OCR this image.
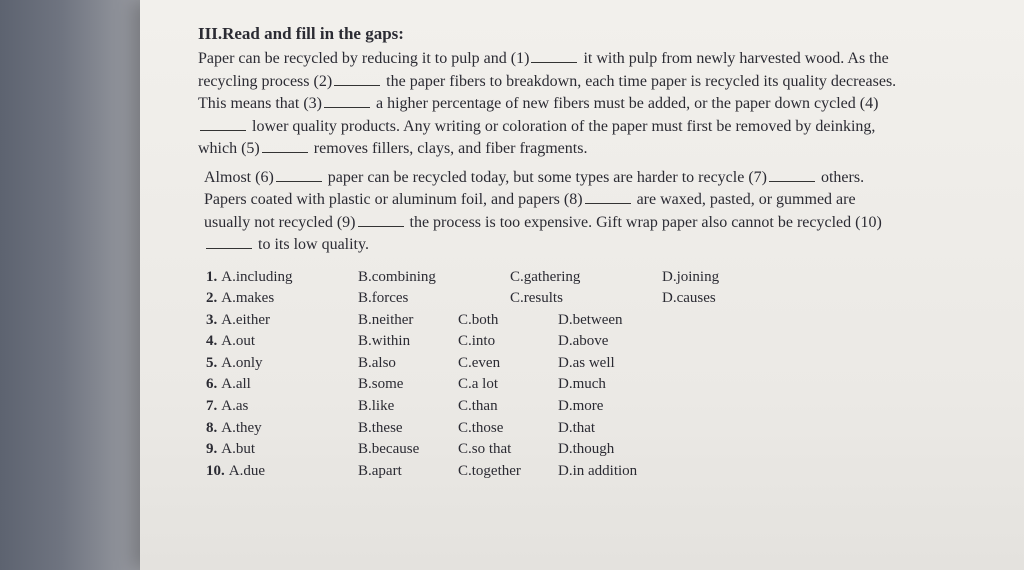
III.Read and fill in the gaps:

Paper can be recycled by reducing it to pulp and (1)	it with pulp from newly harvested wood. As the recycling process (2)	the paper fibers to breakdown, each time paper is recycled its quality decreases. This means that (3)	a higher percentage of new fibers must be added, or the paper down cycled (4) lower quality products. Any writing or coloration of the paper must first be removed by deinking, which (5)	removes fillers, clays, and fiber fragments.

Almost (6)	paper can be recycled today, but some types are harder to recycle (7)	others. Papers coated with plastic or aluminum foil, and papers (8)	are waxed, pasted, or gummed are usually not recycled (9)	the process is too expensive. Gift wrap paper also cannot be recycled (10) to its low quality.

1. A.including	B.combining	C.gathering	D.joining
2. A.makes	B.forces	C.results	D.causes
3. A.either	B.neither	C.both	D.between
4. A.out	B.within	C.into	D.above
5. A.only	B.also	C.even	D.as well
6. A.all	B.some	C.a lot	D.much
7. A.as	B.like	C.than	D.more
8. A.they	B.these	C.those	D.that
9. A.but	B.because	C.so that	D.though
10. A.due	B.apart	C.together	D.in addition
